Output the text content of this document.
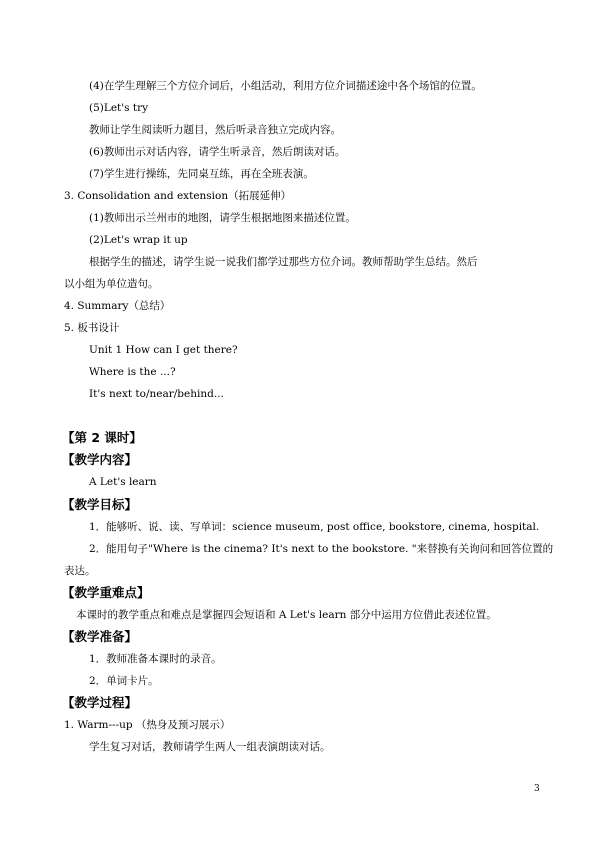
(4)在学生理解三个方位介词后，小组活动，利用方位介词描述途中各个场馆的位置。
(5)Let's try
教师让学生阅读听力题目，然后听录音独立完成内容。
(6)教师出示对话内容，请学生听录音，然后朗读对话。
(7)学生进行操练，先同桌互练，再在全班表演。
3. Consolidation and extension（拓展延伸）
(1)教师出示兰州市的地图，请学生根据地图来描述位置。
(2)Let's wrap it up
根据学生的描述，请学生说一说我们都学过那些方位介词。教师帮助学生总结。然后
以小组为单位造句。
4. Summary（总结）
5. 板书设计
Unit 1 How can I get there?
Where is the ...?
It's next to/near/behind...
【第 2 课时】
【教学内容】
A Let's learn
【教学目标】
1．能够听、说、读、写单词：science museum, post office, bookstore, cinema, hospital.
2．能用句子"Where is the cinema? It's next to the bookstore. "来替换有关询问和回答位置的
表达。
【教学重难点】
本课时的教学重点和难点是掌握四会短语和 A Let's learn 部分中运用方位借此表述位置。
【教学准备】
1．教师准备本课时的录音。
2．单词卡片。
【教学过程】
1. Warm---up （热身及预习展示）
学生复习对话，教师请学生两人一组表演朗读对话。
3
